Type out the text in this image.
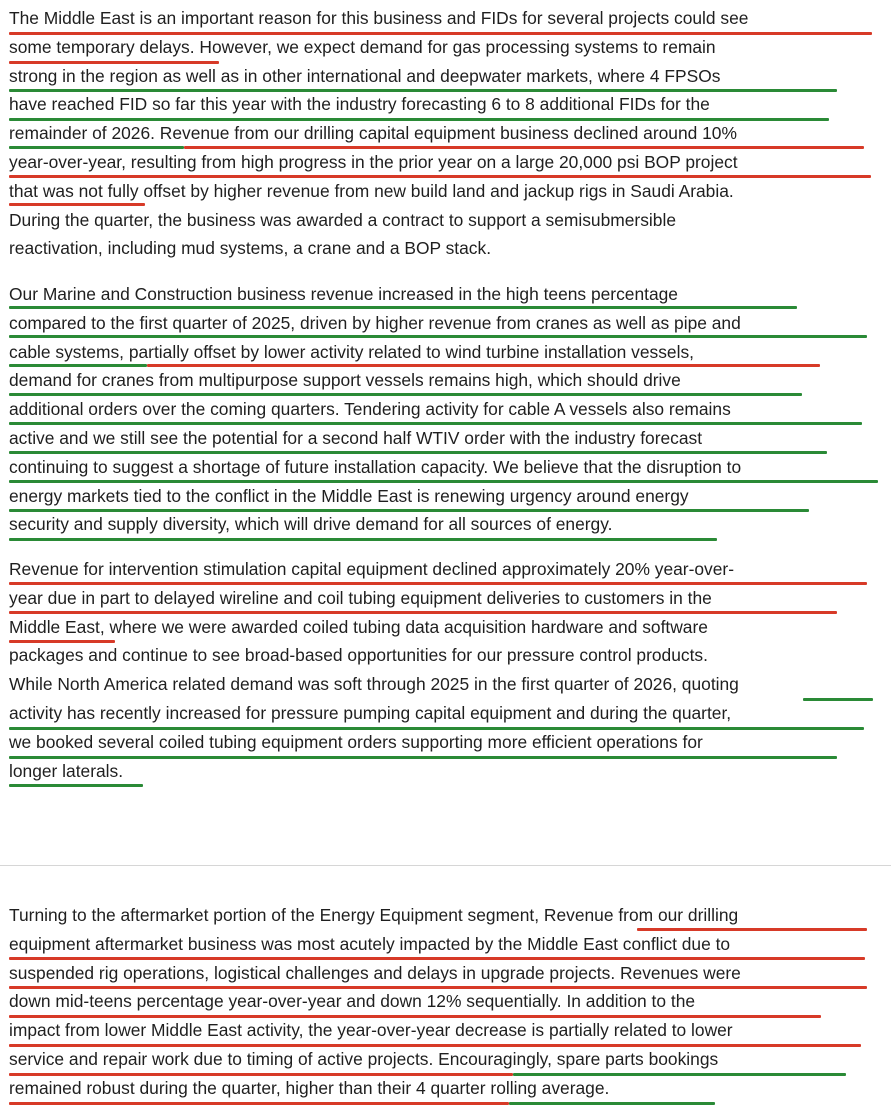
The Middle East is an important reason for this business and FIDs for several projects could see
some temporary delays. However, we expect demand for gas processing systems to remain
strong in the region as well as in other international and deepwater markets, where 4 FPSOs
have reached FID so far this year with the industry forecasting 6 to 8 additional FIDs for the
remainder of 2026. Revenue from our drilling capital equipment business declined around 10%
year-over-year, resulting from high progress in the prior year on a large 20,000 psi BOP project
that was not fully offset by higher revenue from new build land and jackup rigs in Saudi Arabia.
During the quarter, the business was awarded a contract to support a semisubmersible
reactivation, including mud systems, a crane and a BOP stack.
Our Marine and Construction business revenue increased in the high teens percentage
compared to the first quarter of 2025, driven by higher revenue from cranes as well as pipe and
cable systems, partially offset by lower activity related to wind turbine installation vessels,
demand for cranes from multipurpose support vessels remains high, which should drive
additional orders over the coming quarters. Tendering activity for cable A vessels also remains
active and we still see the potential for a second half WTIV order with the industry forecast
continuing to suggest a shortage of future installation capacity. We believe that the disruption to
energy markets tied to the conflict in the Middle East is renewing urgency around energy
security and supply diversity, which will drive demand for all sources of energy.
Revenue for intervention stimulation capital equipment declined approximately 20% year-over-
year due in part to delayed wireline and coil tubing equipment deliveries to customers in the
Middle East, where we were awarded coiled tubing data acquisition hardware and software
packages and continue to see broad-based opportunities for our pressure control products.
While North America related demand was soft through 2025 in the first quarter of 2026, quoting
activity has recently increased for pressure pumping capital equipment and during the quarter,
we booked several coiled tubing equipment orders supporting more efficient operations for
longer laterals.
Turning to the aftermarket portion of the Energy Equipment segment, Revenue from our drilling
equipment aftermarket business was most acutely impacted by the Middle East conflict due to
suspended rig operations, logistical challenges and delays in upgrade projects. Revenues were
down mid-teens percentage year-over-year and down 12% sequentially. In addition to the
impact from lower Middle East activity, the year-over-year decrease is partially related to lower
service and repair work due to timing of active projects. Encouragingly, spare parts bookings
remained robust during the quarter, higher than their 4 quarter rolling average.
